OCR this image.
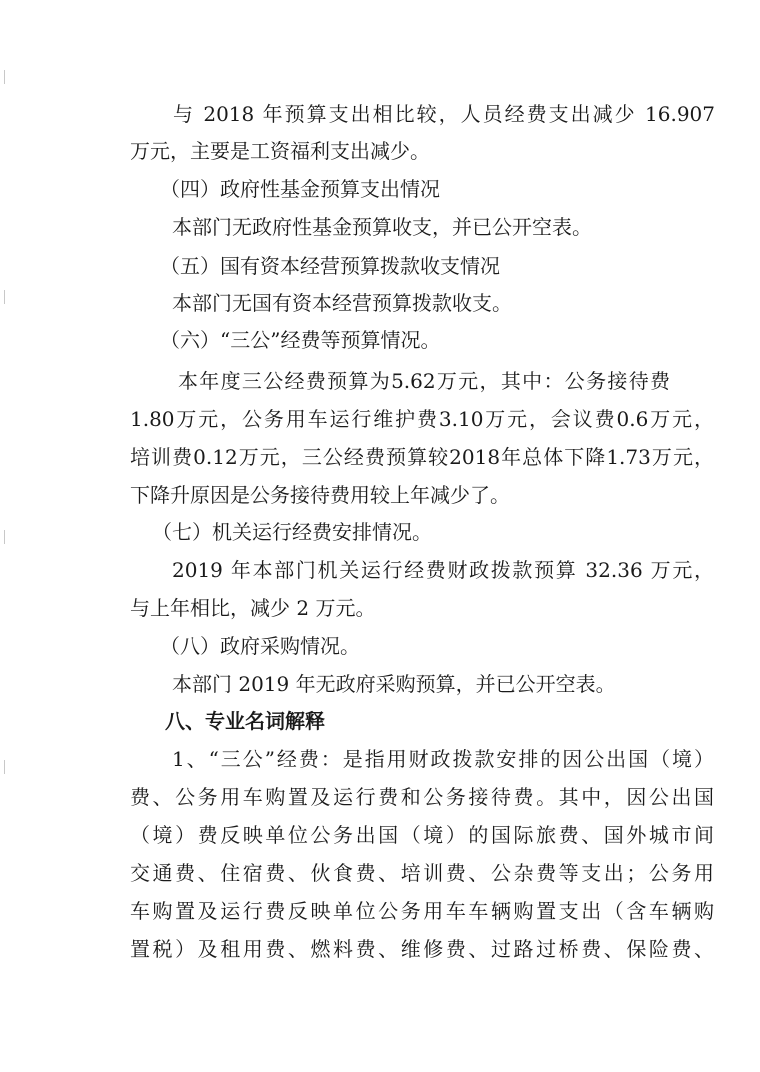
与 2018 年预算支出相比较，人员经费支出减少 16.907
万元，主要是工资福利支出减少。
（四）政府性基金预算支出情况
本部门无政府性基金预算收支，并已公开空表。
（五）国有资本经营预算拨款收支情况
本部门无国有资本经营预算拨款收支。
（六）“三公”经费等预算情况。
本年度三公经费预算为5.62万元，其中：公务接待费
1.80万元，公务用车运行维护费3.10万元，会议费0.6万元，
培训费0.12万元，三公经费预算较2018年总体下降1.73万元，
下降升原因是公务接待费用较上年减少了。
（七）机关运行经费安排情况。
2019 年本部门机关运行经费财政拨款预算 32.36 万元，
与上年相比，减少 2 万元。
（八）政府采购情况。
本部门 2019 年无政府采购预算，并已公开空表。
八、专业名词解释
1、“三公”经费：是指用财政拨款安排的因公出国（境）
费、公务用车购置及运行费和公务接待费。其中，因公出国
（境）费反映单位公务出国（境）的国际旅费、国外城市间
交通费、住宿费、伙食费、培训费、公杂费等支出；公务用
车购置及运行费反映单位公务用车车辆购置支出（含车辆购
置税）及租用费、燃料费、维修费、过路过桥费、保险费、
